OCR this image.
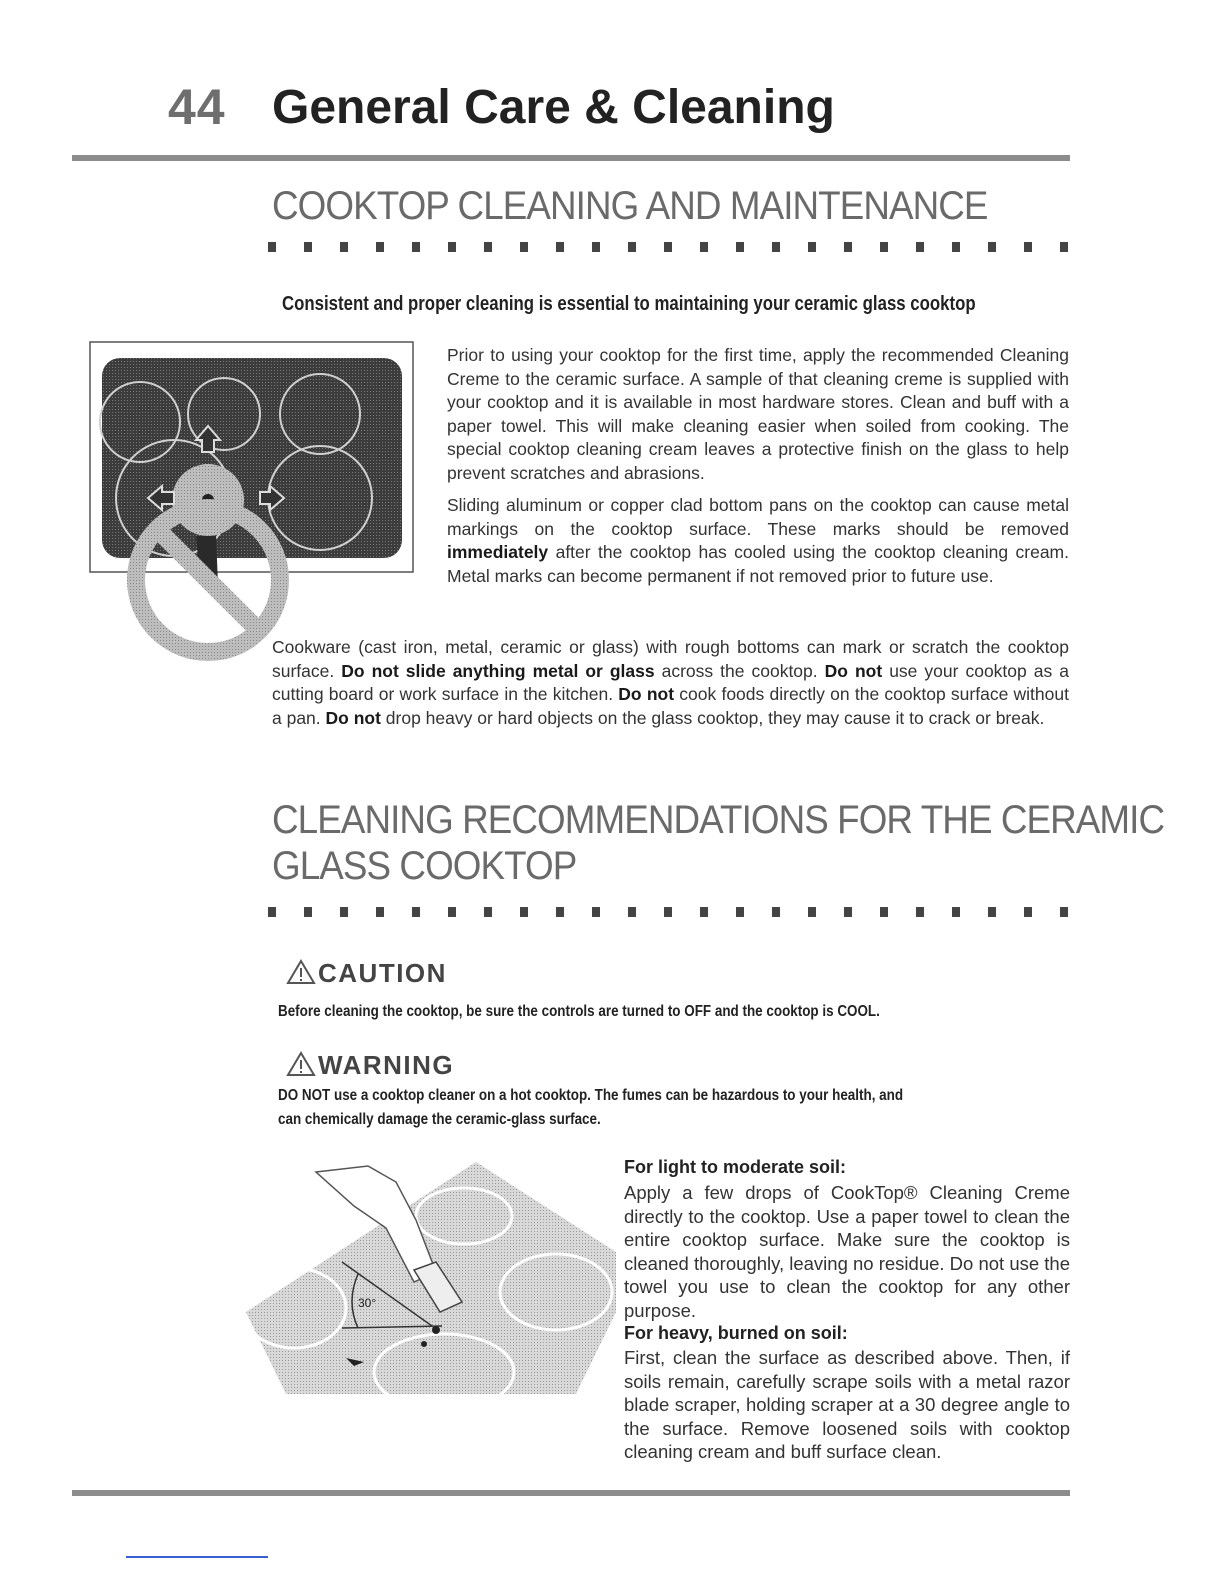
44 General Care & Cleaning
COOKTOP CLEANING AND MAINTENANCE
Consistent and proper cleaning is essential to maintaining your ceramic glass cooktop

Prior to using your cooktop for the first time, apply the recommended Cleaning Creme to the ceramic surface. A sample of that cleaning creme is supplied with your cooktop and it is available in most hardware stores. Clean and buff with a paper towel. This will make cleaning easier when soiled from cooking. The special cooktop cleaning cream leaves a protective finish on the glass to help prevent scratches and abrasions.

Sliding aluminum or copper clad bottom pans on the cooktop can cause metal markings on the cooktop surface. These marks should be removed immediately after the cooktop has cooled using the cooktop cleaning cream. Metal marks can become permanent if not removed prior to future use.

Cookware (cast iron, metal, ceramic or glass) with rough bottoms can mark or scratch the cooktop surface. Do not slide anything metal or glass across the cooktop. Do not use your cooktop as a cutting board or work surface in the kitchen. Do not cook foods directly on the cooktop surface without a pan. Do not drop heavy or hard objects on the glass cooktop, they may cause it to crack or break.

CLEANING RECOMMENDATIONS FOR THE CERAMIC
GLASS COOKTOP
CAUTION
Before cleaning the cooktop, be sure the controls are turned to OFF and the cooktop is COOL.
WARNING
DO NOT use a cooktop cleaner on a hot cooktop. The fumes can be hazardous to your health, and
can chemically damage the ceramic-glass surface.
30°
For light to moderate soil:

Apply a few drops of CookTop® Cleaning Creme directly to the cooktop. Use a paper towel to clean the entire cooktop surface. Make sure the cooktop is cleaned thoroughly, leaving no residue. Do not use the towel you use to clean the cooktop for any other purpose.

For heavy, burned on soil:

First, clean the surface as described above. Then, if soils remain, carefully scrape soils with a metal razor blade scraper, holding scraper at a 30 degree angle to the surface. Remove loosened soils with cooktop cleaning cream and buff surface clean.
